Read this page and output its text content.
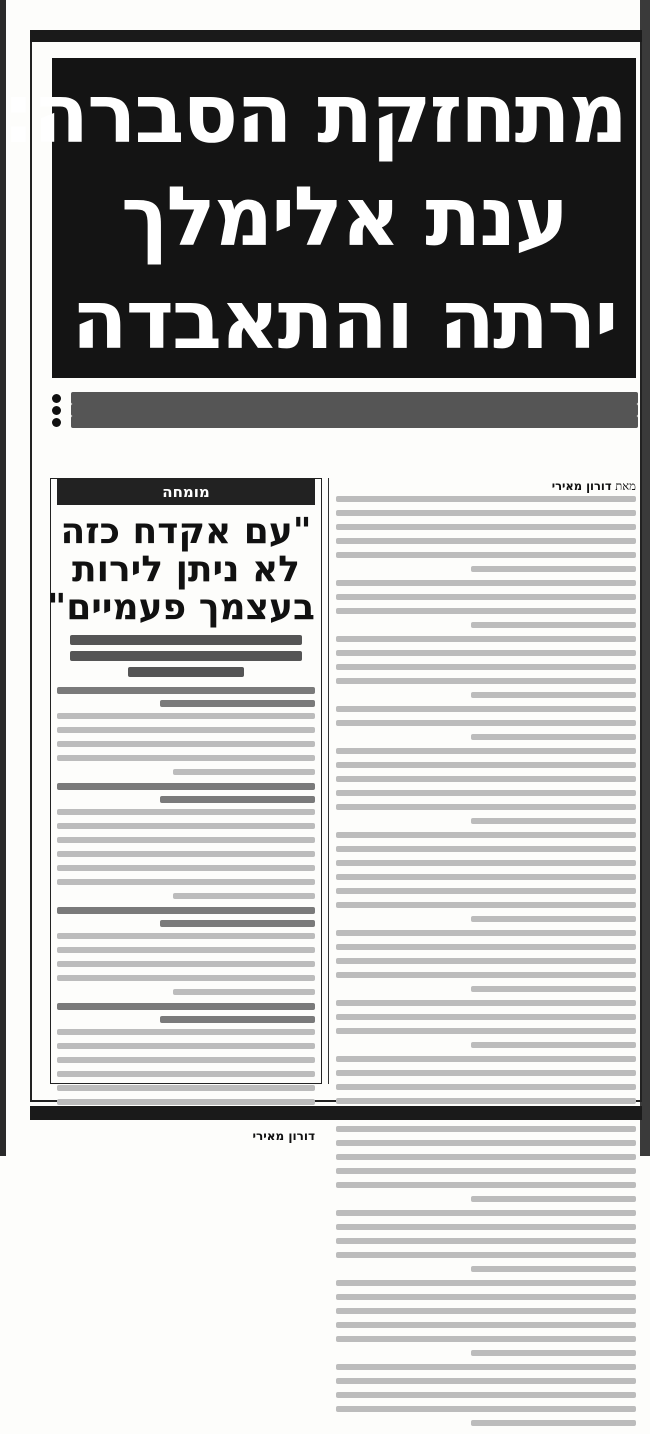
מתחזקת הסברה:
ענת אלימלך
ירתה והתאבדה
מאת דורון מאירי
מומחה
"עם אקדח כזה
לא ניתן לירות
בעצמך פעמיים"
דורון מאירי
